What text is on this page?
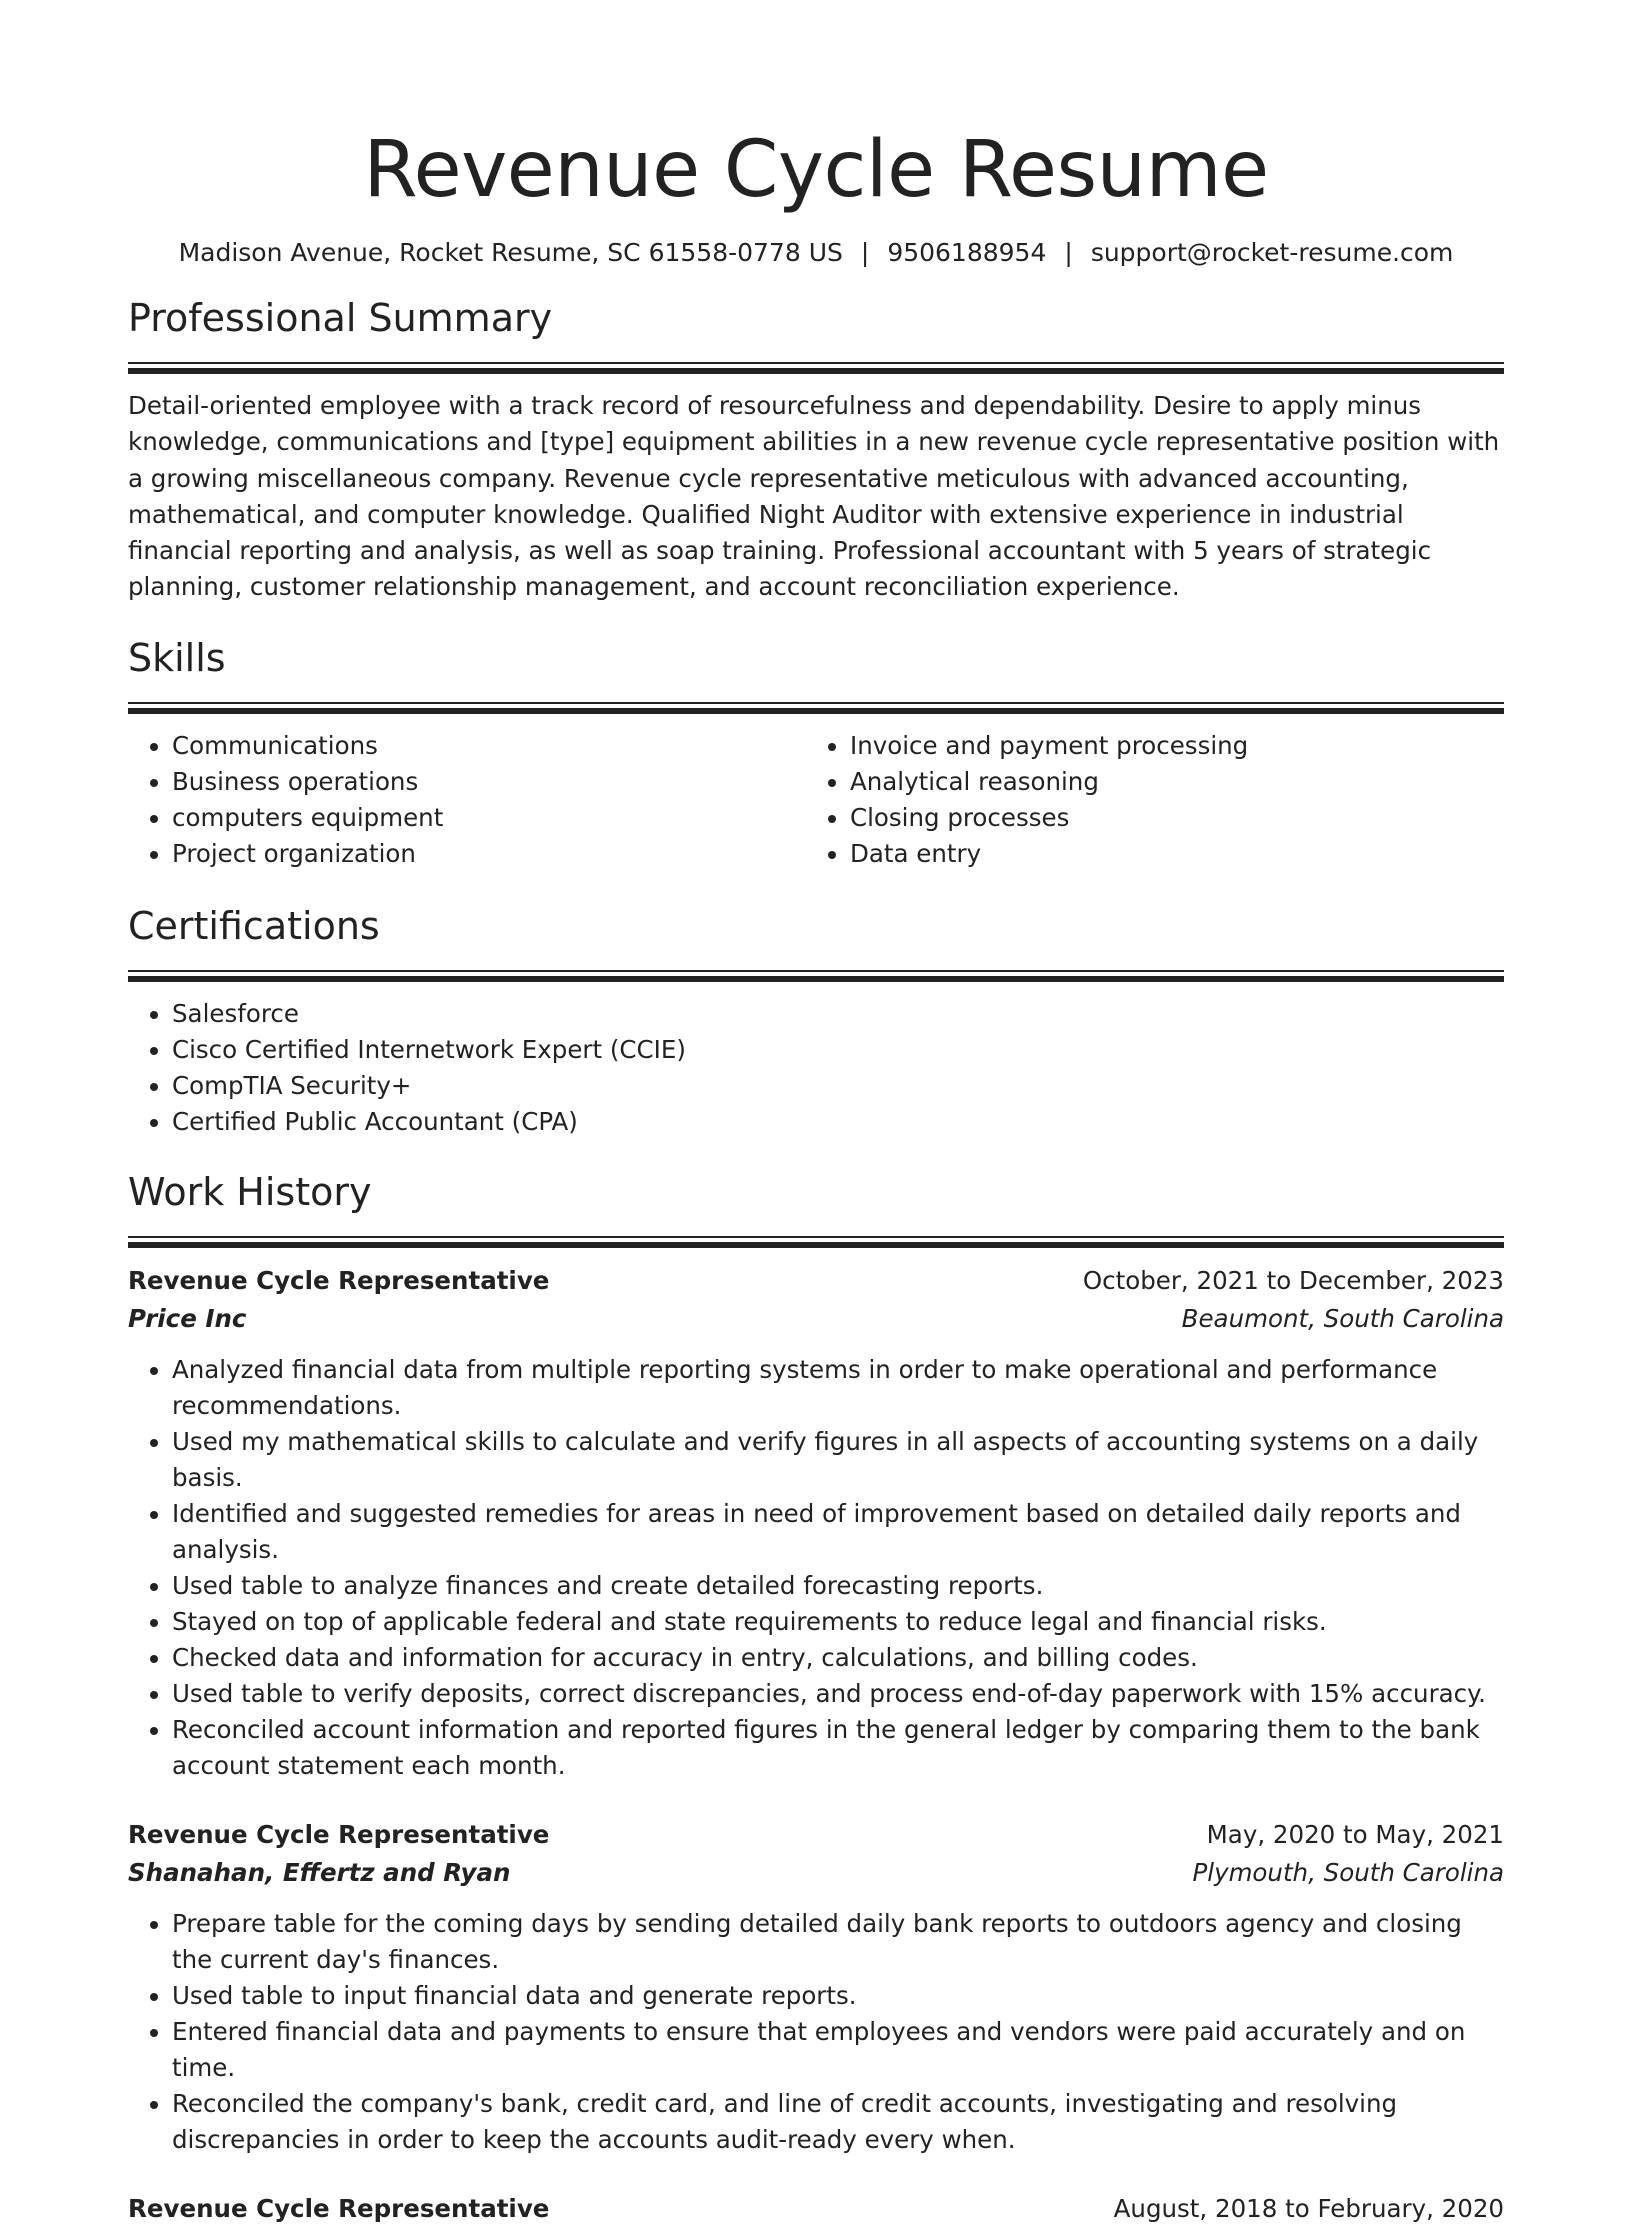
Revenue Cycle Resume
Madison Avenue, Rocket Resume, SC 61558-0778 US | 9506188954 | support@rocket-resume.com
Professional Summary

Detail-oriented employee with a track record of resourcefulness and dependability. Desire to apply minus knowledge, communications and [type] equipment abilities in a new revenue cycle representative position with a growing miscellaneous company. Revenue cycle representative meticulous with advanced accounting, mathematical, and computer knowledge. Qualified Night Auditor with extensive experience in industrial financial reporting and analysis, as well as soap training. Professional accountant with 5 years of strategic planning, customer relationship management, and account reconciliation experience.

Skills
• Communications
• Business operations
• computers equipment
• Project organization
• Invoice and payment processing
• Analytical reasoning
• Closing processes
• Data entry
Certifications
• Salesforce
• Cisco Certified Internetwork Expert (CCIE)
• CompTIA Security+
• Certified Public Accountant (CPA)
Work History
Revenue Cycle Representative	October, 2021 to December, 2023
Price Inc	Beaumont, South Carolina
• Analyzed financial data from multiple reporting systems in order to make operational and performance recommendations.
• Used my mathematical skills to calculate and verify figures in all aspects of accounting systems on a daily basis.
• Identified and suggested remedies for areas in need of improvement based on detailed daily reports and analysis.
• Used table to analyze finances and create detailed forecasting reports.
• Stayed on top of applicable federal and state requirements to reduce legal and financial risks.
• Checked data and information for accuracy in entry, calculations, and billing codes.
• Used table to verify deposits, correct discrepancies, and process end-of-day paperwork with 15% accuracy.
• Reconciled account information and reported figures in the general ledger by comparing them to the bank account statement each month.
Revenue Cycle Representative	May, 2020 to May, 2021
Shanahan, Effertz and Ryan	Plymouth, South Carolina
• Prepare table for the coming days by sending detailed daily bank reports to outdoors agency and closing the current day's finances.
• Used table to input financial data and generate reports.
• Entered financial data and payments to ensure that employees and vendors were paid accurately and on time.
• Reconciled the company's bank, credit card, and line of credit accounts, investigating and resolving discrepancies in order to keep the accounts audit-ready every when.
Revenue Cycle Representative	August, 2018 to February, 2020
